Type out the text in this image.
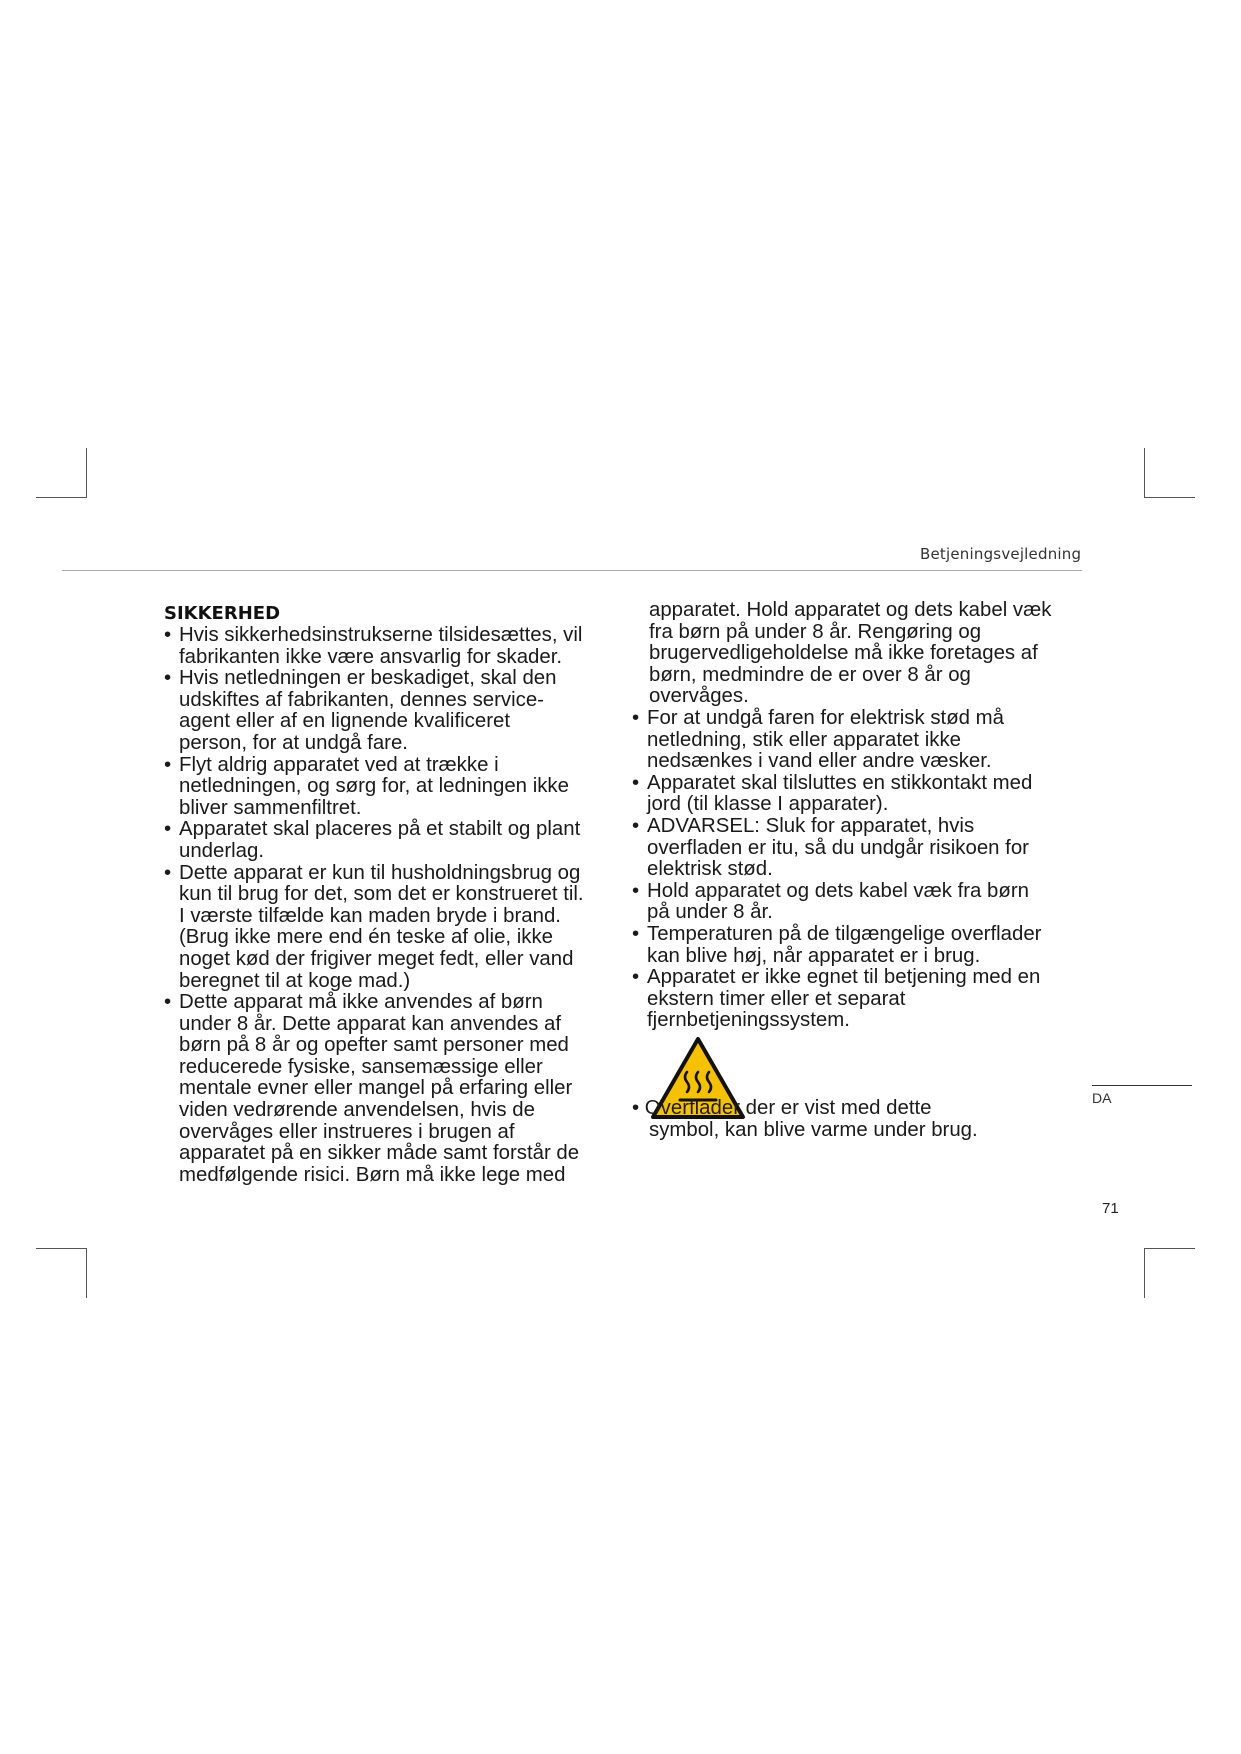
Betjeningsvejledning
SIKKERHED
• Hvis sikkerhedsinstrukserne tilsidesættes, vil
fabrikanten ikke være ansvarlig for skader.
• Hvis netledningen er beskadiget, skal den
udskiftes af fabrikanten, dennes service-
agent eller af en lignende kvalificeret
person, for at undgå fare.
• Flyt aldrig apparatet ved at trække i
netledningen, og sørg for, at ledningen ikke
bliver sammenfiltret.
• Apparatet skal placeres på et stabilt og plant
underlag.
• Dette apparat er kun til husholdningsbrug og
kun til brug for det, som det er konstrueret til.
I værste tilfælde kan maden bryde i brand.
(Brug ikke mere end én teske af olie, ikke
noget kød der frigiver meget fedt, eller vand
beregnet til at koge mad.)
• Dette apparat må ikke anvendes af børn
under 8 år. Dette apparat kan anvendes af
børn på 8 år og opefter samt personer med
reducerede fysiske, sansemæssige eller
mentale evner eller mangel på erfaring eller
viden vedrørende anvendelsen, hvis de
overvåges eller instrueres i brugen af
apparatet på en sikker måde samt forstår de
medfølgende risici. Børn må ikke lege med
apparatet. Hold apparatet og dets kabel væk
fra børn på under 8 år. Rengøring og
brugervedligeholdelse må ikke foretages af
børn, medmindre de er over 8 år og
overvåges.
• For at undgå faren for elektrisk stød må
netledning, stik eller apparatet ikke
nedsænkes i vand eller andre væsker.
• Apparatet skal tilsluttes en stikkontakt med
jord (til klasse I apparater).
• ADVARSEL: Sluk for apparatet, hvis
overfladen er itu, så du undgår risikoen for
elektrisk stød.
• Hold apparatet og dets kabel væk fra børn
på under 8 år.
• Temperaturen på de tilgængelige overflader
kan blive høj, når apparatet er i brug.
• Apparatet er ikke egnet til betjening med en
ekstern timer eller et separat
fjernbetjeningssystem.
• Overflader der er vist med dette
symbol, kan blive varme under brug.
DA
71
